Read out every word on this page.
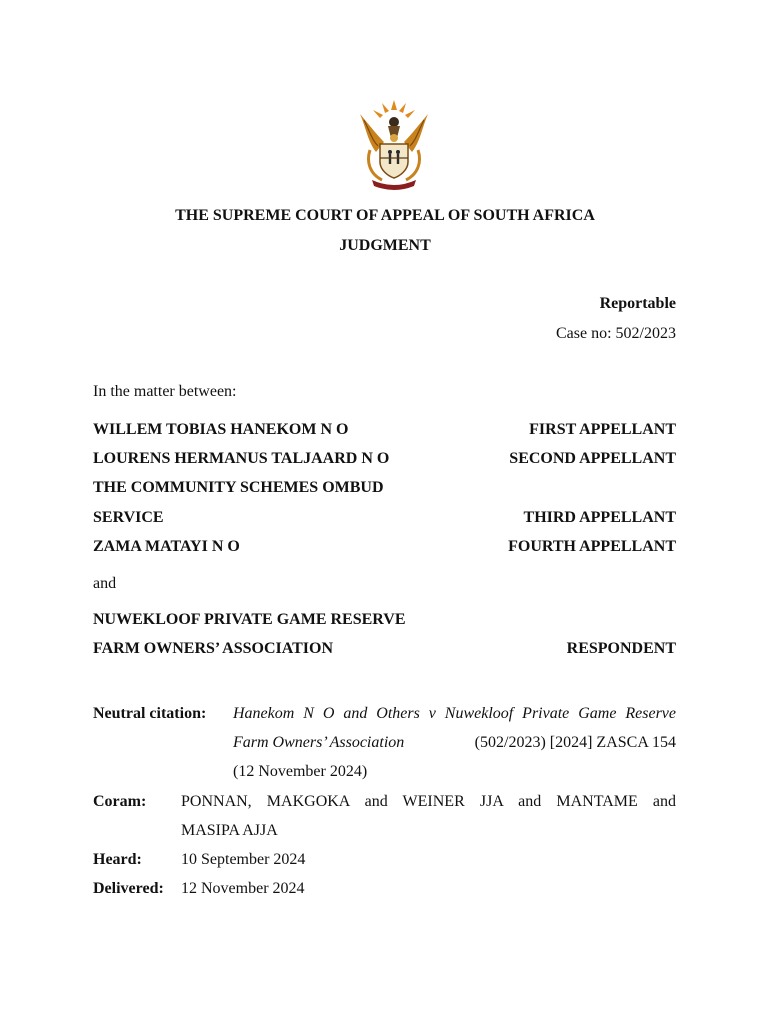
THE SUPREME COURT OF APPEAL OF SOUTH AFRICA
JUDGMENT
Reportable
Case no: 502/2023
In the matter between:
WILLEM TOBIAS HANEKOM N O	FIRST APPELLANT
LOURENS HERMANUS TALJAARD N O	SECOND APPELLANT
THE COMMUNITY SCHEMES OMBUD
SERVICE	THIRD APPELLANT
ZAMA MATAYI N O	FOURTH APPELLANT
and
NUWEKLOOF PRIVATE GAME RESERVE
FARM OWNERS’ ASSOCIATION	RESPONDENT
Neutral citation: Hanekom N O and Others v Nuwekloof Private Game Reserve
Farm Owners’ Association	(502/2023) [2024] ZASCA 154
(12 November 2024)
Coram: PONNAN, MAKGOKA and WEINER JJA and MANTAME and
MASIPA AJJA
Heard: 10 September 2024
Delivered: 12 November 2024
